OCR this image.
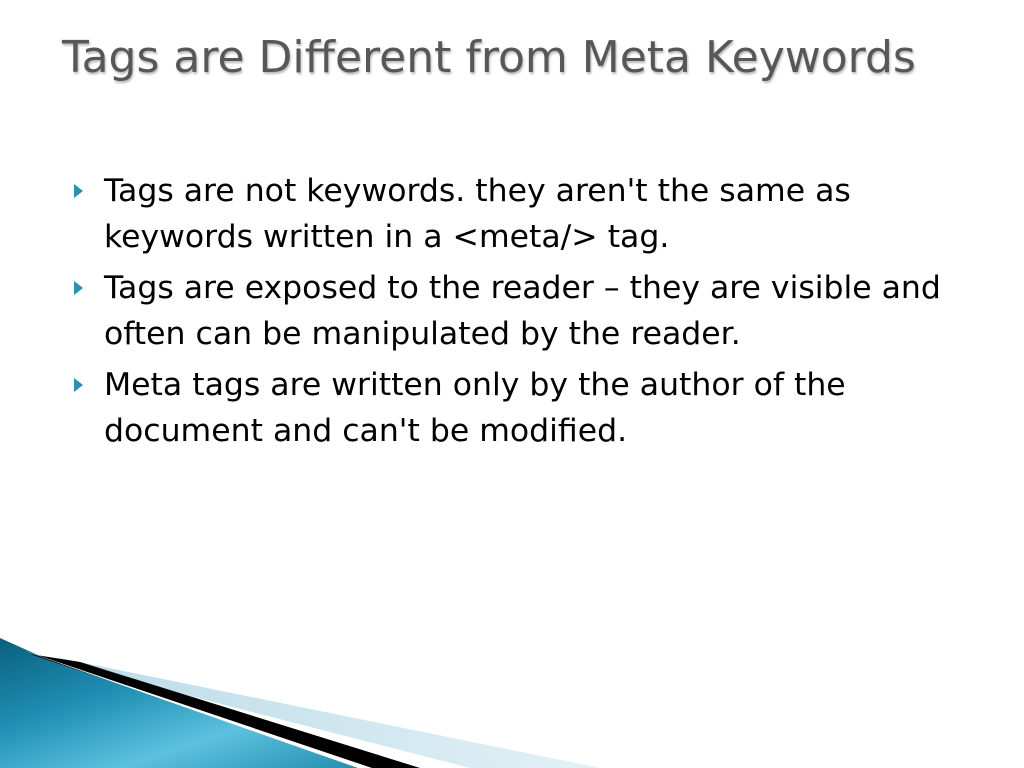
Tags are Different from Meta Keywords
Tags are not keywords. they aren't the same as keywords written in a <meta/> tag.
Tags are exposed to the reader – they are visible and often can be manipulated by the reader.
Meta tags are written only by the author of the document and can't be modified.
